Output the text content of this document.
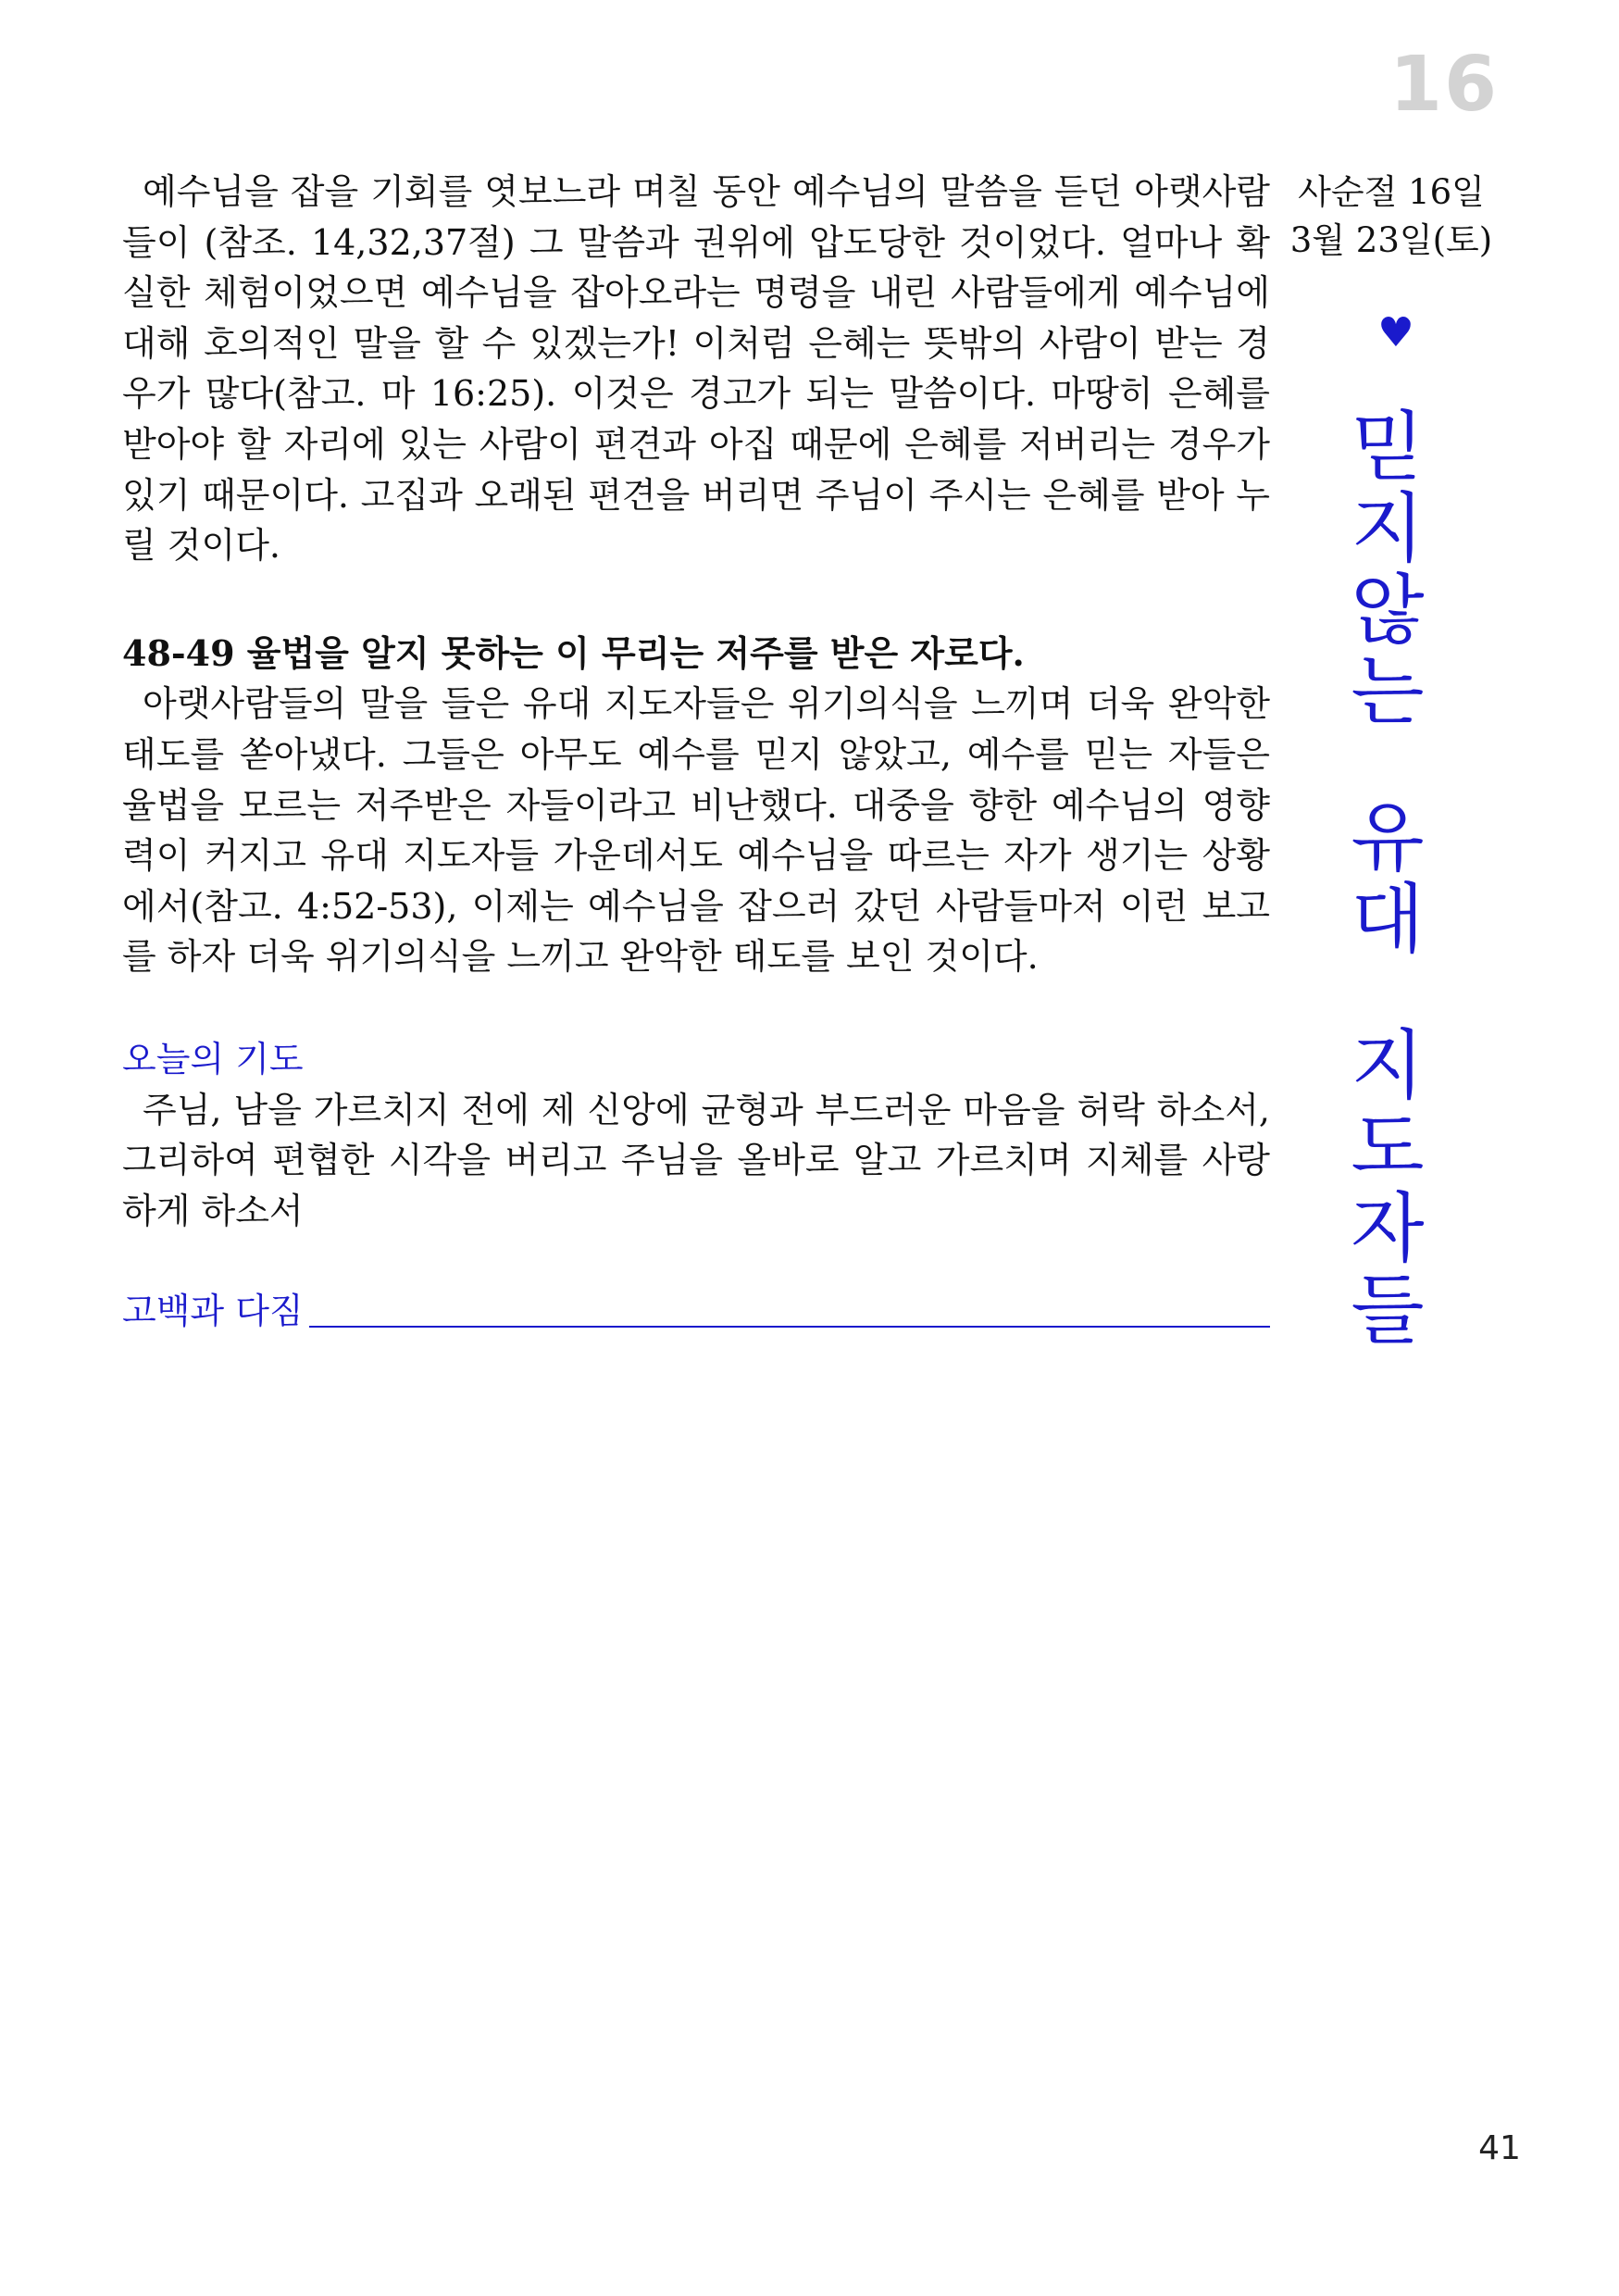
16

예수님을 잡을 기회를 엿보느라 며칠 동안 예수님의 말씀을 듣던 아랫사람들이 (참조. 14,32,37절) 그 말씀과 권위에 압도당한 것이었다. 얼마나 확실한 체험이었으면 예수님을 잡아오라는 명령을 내린 사람들에게 예수님에 대해 호의적인 말을 할 수 있겠는가! 이처럼 은혜는 뜻밖의 사람이 받는 경우가 많다(참고. 마 16:25). 이것은 경고가 되는 말씀이다. 마땅히 은혜를 받아야 할 자리에 있는 사람이 편견과 아집 때문에 은혜를 저버리는 경우가 있기 때문이다. 고집과 오래된 편견을 버리면 주님이 주시는 은혜를 받아 누릴 것이다.

48-49 율법을 알지 못하는 이 무리는 저주를 받은 자로다.

아랫사람들의 말을 들은 유대 지도자들은 위기의식을 느끼며 더욱 완악한 태도를 쏟아냈다. 그들은 아무도 예수를 믿지 않았고, 예수를 믿는 자들은 율법을 모르는 저주받은 자들이라고 비난했다. 대중을 향한 예수님의 영향력이 커지고 유대 지도자들 가운데서도 예수님을 따르는 자가 생기는 상황에서(참고. 4:52-53), 이제는 예수님을 잡으러 갔던 사람들마저 이런 보고를 하자 더욱 위기의식을 느끼고 완악한 태도를 보인 것이다.

오늘의 기도

주님, 남을 가르치지 전에 제 신앙에 균형과 부드러운 마음을 허락 하소서, 그리하여 편협한 시각을 버리고 주님을 올바로 알고 가르치며 지체를 사랑하게 하소서

고백과 다짐
사순절 16일
3월 23일(토)
♥
믿
지
않
는
유
대
지
도
자
들
41
